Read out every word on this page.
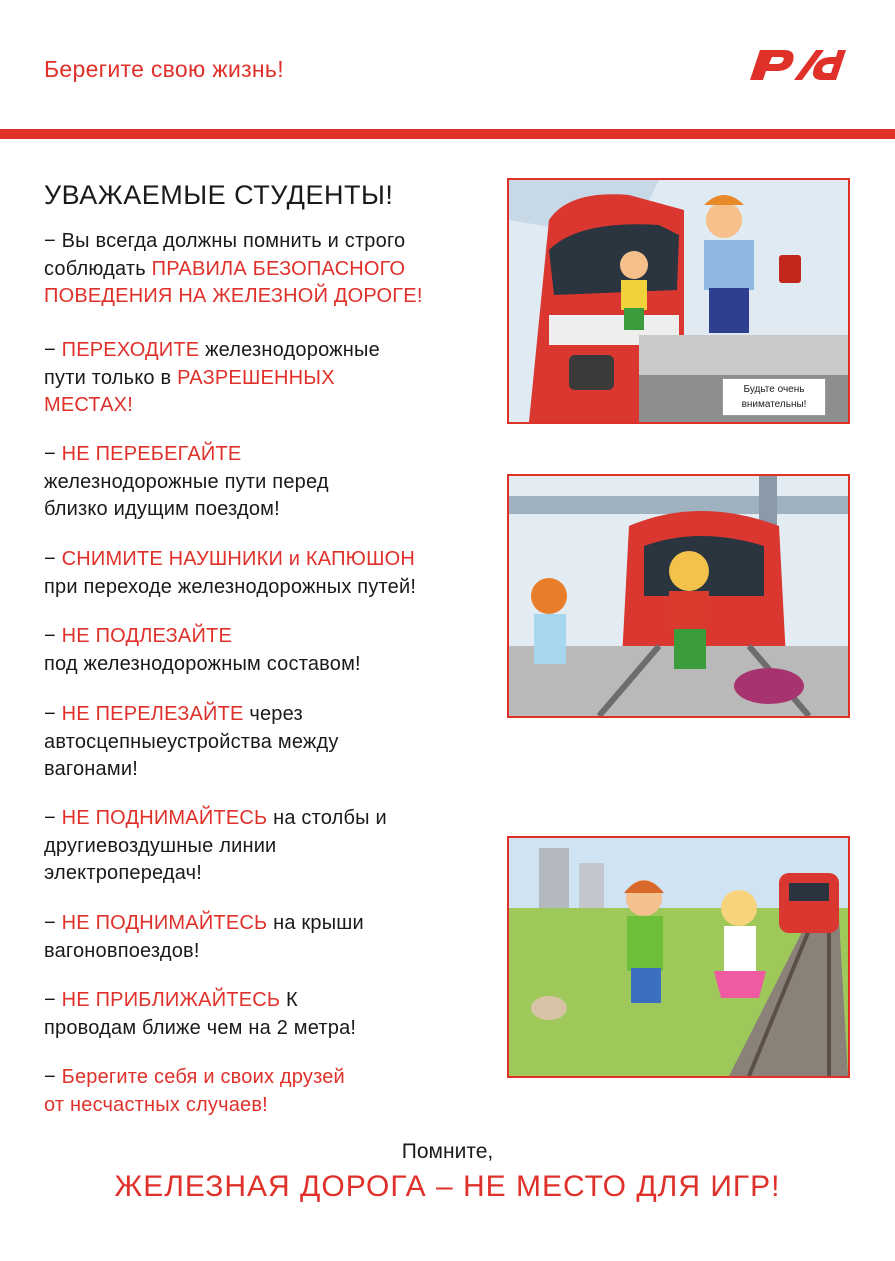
Берегите свою жизнь!
УВАЖАЕМЫЕ СТУДЕНТЫ!
− Вы всегда должны помнить и строго
соблюдать ПРАВИЛА БЕЗОПАСНОГО
ПОВЕДЕНИЯ НА ЖЕЛЕЗНОЙ ДОРОГЕ!
− ПЕРЕХОДИТЕ железнодорожные
пути только в РАЗРЕШЕННЫХ
МЕСТАХ!
− НЕ ПЕРЕБЕГАЙТЕ
железнодорожные пути перед
близко идущим поездом!
− СНИМИТЕ НАУШНИКИ и КАПЮШОН
при переходе железнодорожных путей!
− НЕ ПОДЛЕЗАЙТЕ
под железнодорожным составом!
− НЕ ПЕРЕЛЕЗАЙТЕ через
автосцепныеустройства между
вагонами!
− НЕ ПОДНИМАЙТЕСЬ на столбы и
другиевоздушные линии
электропередач!
− НЕ ПОДНИМАЙТЕСЬ на крыши
вагоновпоездов!
− НЕ ПРИБЛИЖАЙТЕСЬ К
проводам ближе чем на 2 метра!
− Берегите себя и своих друзей
от несчастных случаев!
Будьте очень
внимательны!
Помните,
ЖЕЛЕЗНАЯ ДОРОГА – НЕ МЕСТО ДЛЯ ИГР!
